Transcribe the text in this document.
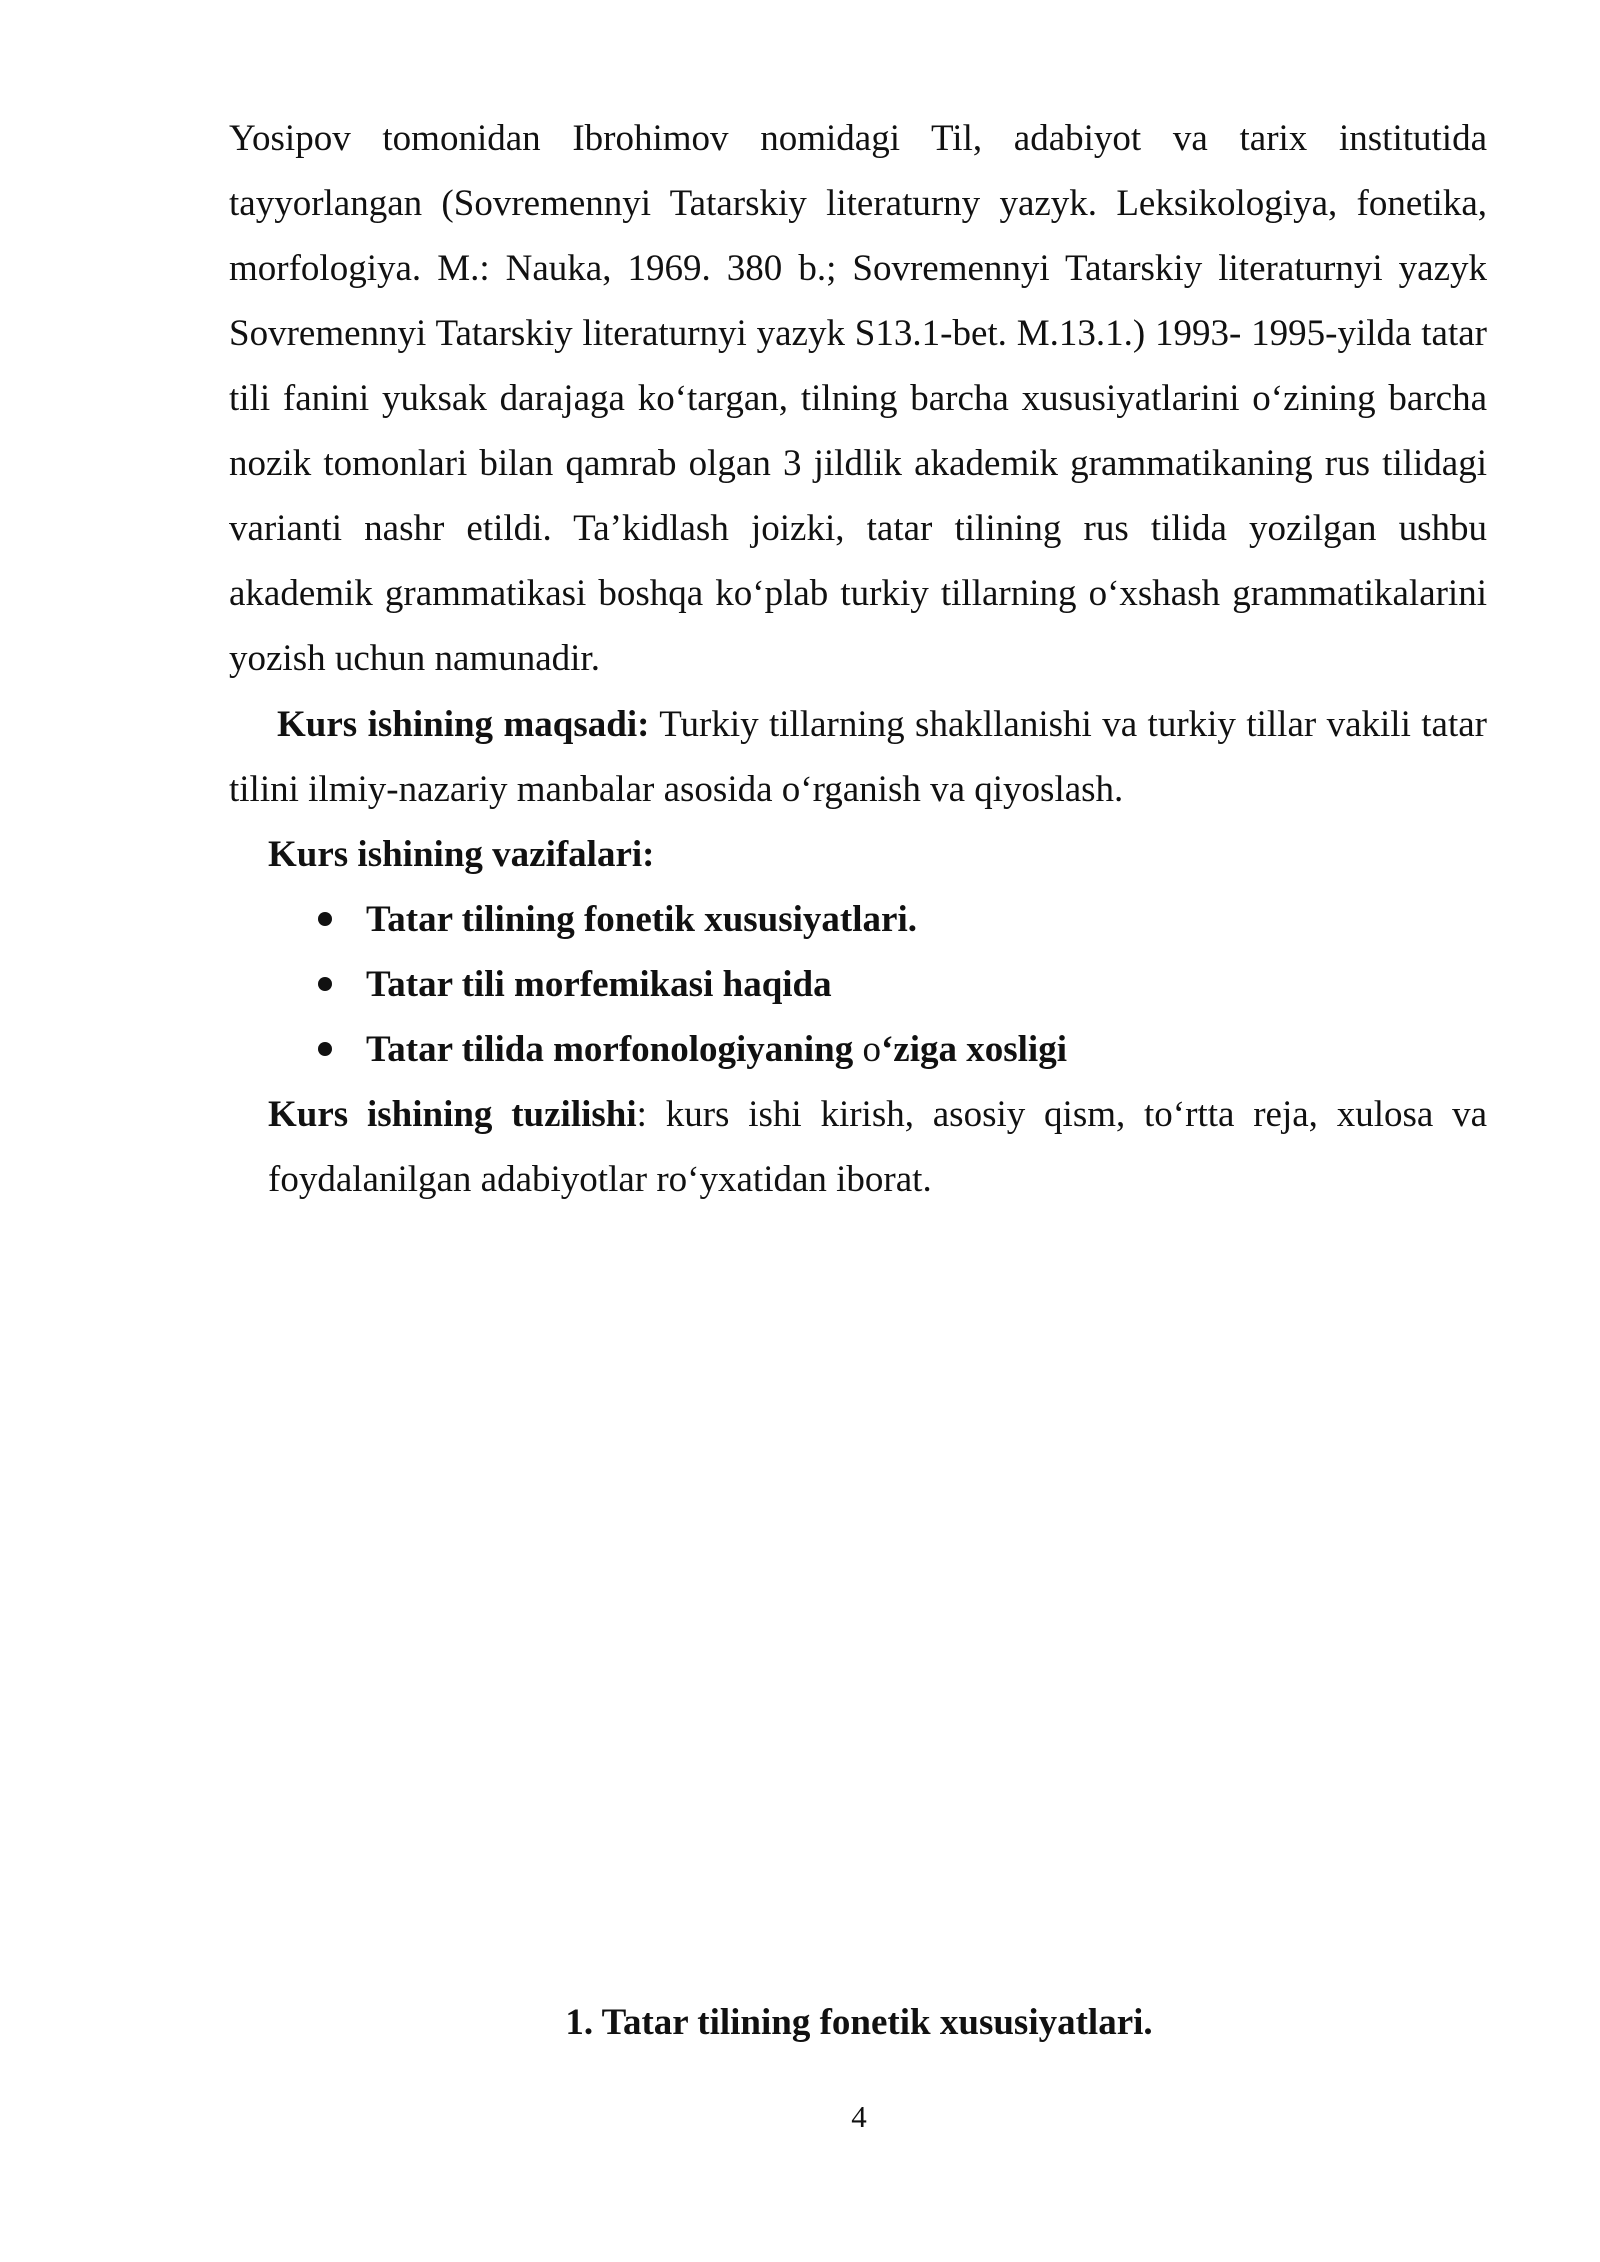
Yosipov tomonidan Ibrohimov nomidagi Til, adabiyot va tarix institutida tayyorlangan (Sovremennyi Tatarskiy literaturny yazyk. Leksikologiya, fonetika, morfologiya. M.: Nauka, 1969. 380 b.; Sovremennyi Tatarskiy literaturnyi yazyk Sovremennyi Tatarskiy literaturnyi yazyk S13.1-bet. M.13.1.) 1993- 1995-yilda tatar tili fanini yuksak darajaga ko‘targan, tilning barcha xususiyatlarini o‘zining barcha nozik tomonlari bilan qamrab olgan 3 jildlik akademik grammatikaning rus tilidagi varianti nashr etildi. Ta’kidlash joizki, tatar tilining rus tilida yozilgan ushbu akademik grammatikasi boshqa ko‘plab turkiy tillarning o‘xshash grammatikalarini yozish uchun namunadir.

Kurs ishining maqsadi: Turkiy tillarning shakllanishi va turkiy tillar vakili tatar tilini ilmiy-nazariy manbalar asosida o‘rganish va qiyoslash.

Kurs ishining vazifalari:
Tatar tilining fonetik xususiyatlari.
Tatar tili morfemikasi haqida
Tatar tilida morfonologiyaning o‘ziga xosligi

Kurs ishining tuzilishi: kurs ishi kirish, asosiy qism, to‘rtta reja, xulosa va foydalanilgan adabiyotlar ro‘yxatidan iborat.

1. Tatar tilining fonetik xususiyatlari.
4
